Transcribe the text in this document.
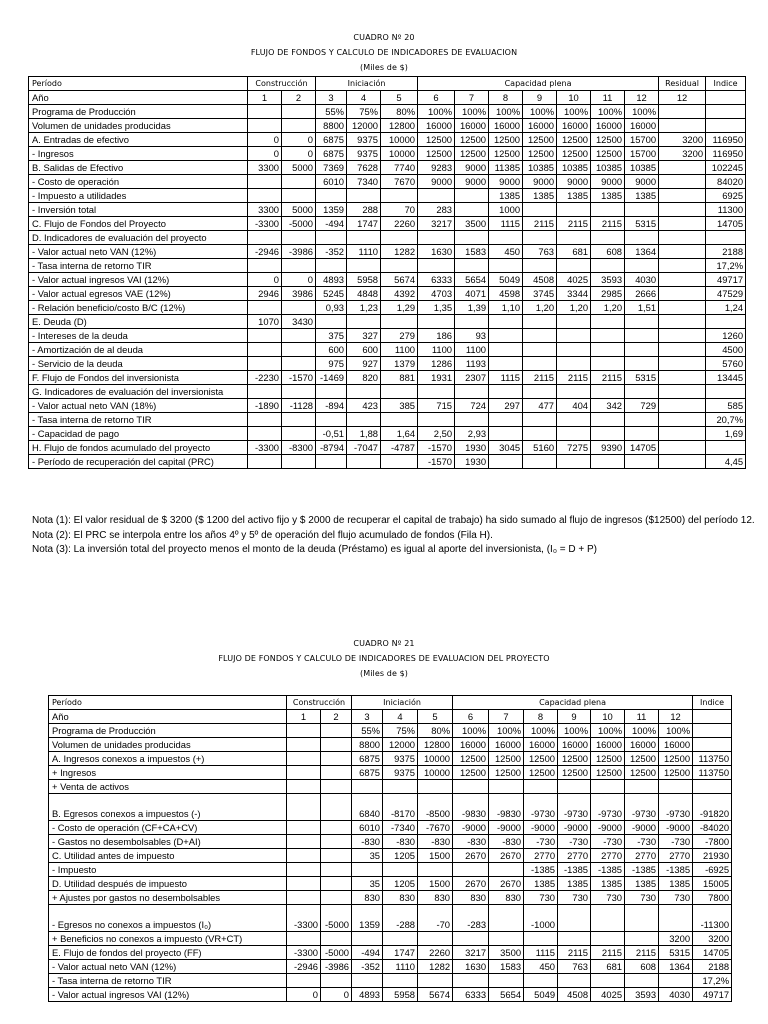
CUADRO Nº 20
FLUJO DE FONDOS Y CALCULO DE INDICADORES DE EVALUACION
(Miles de $)
Período	Construcción		Iniciación			Capacidad plena							Residual	Indice
Año	1	2	3	4	5	6	7	8	9	10	11	12	12	
Programa de Producción			55%	75%	80%	100%	100%	100%	100%	100%	100%	100%		
Volumen de unidades producidas			8800	12000	12800	16000	16000	16000	16000	16000	16000	16000		
A. Entradas de efectivo	0	0	6875	9375	10000	12500	12500	12500	12500	12500	12500	15700	3200	116950
- Ingresos	0	0	6875	9375	10000	12500	12500	12500	12500	12500	12500	15700	3200	116950
B. Salidas de Efectivo	3300	5000	7369	7628	7740	9283	9000	11385	10385	10385	10385	10385		102245
- Costo de operación			6010	7340	7670	9000	9000	9000	9000	9000	9000	9000		84020
- Impuesto a utilidades								1385	1385	1385	1385	1385		6925
- Inversión total	3300	5000	1359	288	70	283		1000						11300
C. Flujo de Fondos del Proyecto	-3300	-5000	-494	1747	2260	3217	3500	1115	2115	2115	2115	5315		14705
D. Indicadores de evaluación del proyecto														
- Valor actual neto VAN (12%)	-2946	-3986	-352	1110	1282	1630	1583	450	763	681	608	1364		2188
- Tasa interna de retorno TIR														17,2%
- Valor actual ingresos VAI (12%)	0	0	4893	5958	5674	6333	5654	5049	4508	4025	3593	4030		49717
- Valor actual egresos VAE (12%)	2946	3986	5245	4848	4392	4703	4071	4598	3745	3344	2985	2666		47529
- Relación beneficio/costo B/C (12%)			0,93	1,23	1,29	1,35	1,39	1,10	1,20	1,20	1,20	1,51		1,24
E. Deuda (D)	1070	3430												
- Intereses de la deuda			375	327	279	186	93							1260
- Amortización de al deuda			600	600	1100	1100	1100							4500
- Servicio de la deuda			975	927	1379	1286	1193							5760
F. Flujo de Fondos del inversionista	-2230	-1570	-1469	820	881	1931	2307	1115	2115	2115	2115	5315		13445
G. Indicadores de evaluación del inversionista														
- Valor actual neto VAN (18%)	-1890	-1128	-894	423	385	715	724	297	477	404	342	729		585
- Tasa interna de retorno TIR														20,7%
- Capacidad de pago			-0,51	1,88	1,64	2,50	2,93							1,69
H. Flujo de fondos acumulado del proyecto	-3300	-8300	-8794	-7047	-4787	-1570	1930	3045	5160	7275	9390	14705		
- Período de recuperación del capital (PRC)						-1570	1930							4,45
Nota (1): El valor residual de $ 3200 ($ 1200 del activo fijo y $ 2000 de recuperar el capital de trabajo) ha sido sumado al flujo de ingresos ($12500) del período 12.
Nota (2): El PRC se interpola entre los años 4º y 5º de operación del flujo acumulado de fondos (Fila H).
Nota (3): La inversión total del proyecto menos el monto de la deuda (Préstamo) es igual al aporte del inversionista, (I₀ = D + P)
CUADRO Nº 21
FLUJO DE FONDOS Y CALCULO DE INDICADORES DE EVALUACION DEL PROYECTO
(Miles de $)
Período	Construcción		Iniciación			Capacidad plena							Indice
Año	1	2	3	4	5	6	7	8	9	10	11	12	
Programa de Producción			55%	75%	80%	100%	100%	100%	100%	100%	100%	100%	
Volumen de unidades producidas			8800	12000	12800	16000	16000	16000	16000	16000	16000	16000	
A. Ingresos conexos a impuestos (+)			6875	9375	10000	12500	12500	12500	12500	12500	12500	12500	113750
+ Ingresos			6875	9375	10000	12500	12500	12500	12500	12500	12500	12500	113750
+ Venta de activos													
B. Egresos conexos a impuestos (-)			6840	-8170	-8500	-9830	-9830	-9730	-9730	-9730	-9730	-9730	-91820
- Costo de operación (CF+CA+CV)			6010	-7340	-7670	-9000	-9000	-9000	-9000	-9000	-9000	-9000	-84020
- Gastos no desembolsables (D+AI)			-830	-830	-830	-830	-830	-730	-730	-730	-730	-730	-7800
C. Utilidad antes de impuesto			35	1205	1500	2670	2670	2770	2770	2770	2770	2770	21930
- Impuesto								-1385	-1385	-1385	-1385	-1385	-6925
D. Utilidad después de impuesto			35	1205	1500	2670	2670	1385	1385	1385	1385	1385	15005
+ Ajustes por gastos no desembolsables			830	830	830	830	830	730	730	730	730	730	7800
- Egresos no conexos a impuestos (I₀)	-3300	-5000	1359	-288	-70	-283		-1000					-11300
+ Beneficios no conexos a impuesto (VR+CT)												3200	3200
E. Flujo de fondos del proyecto (FF)	-3300	-5000	-494	1747	2260	3217	3500	1115	2115	2115	2115	5315	14705
- Valor actual neto VAN (12%)	-2946	-3986	-352	1110	1282	1630	1583	450	763	681	608	1364	2188
- Tasa interna de retorno TIR													17,2%
- Valor actual ingresos VAI (12%)	0	0	4893	5958	5674	6333	5654	5049	4508	4025	3593	4030	49717
